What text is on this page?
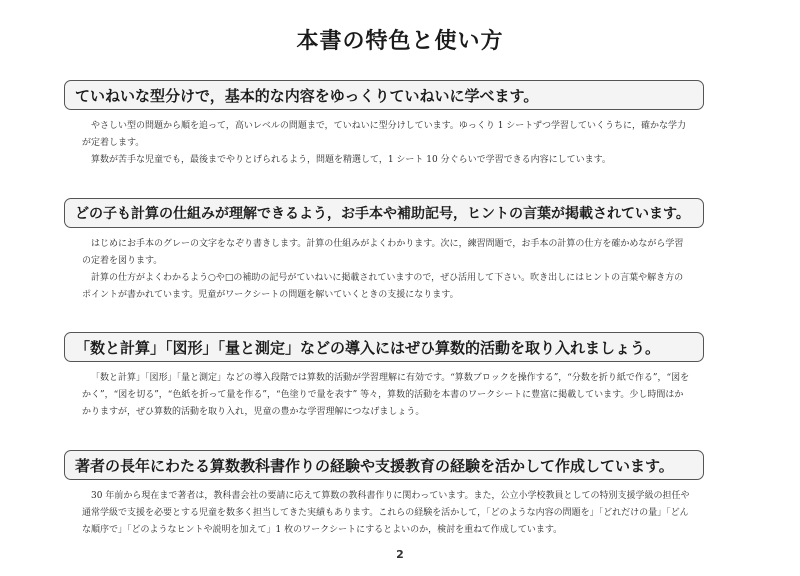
本書の特色と使い方
ていねいな型分けで，基本的な内容をゆっくりていねいに学べます。

やさしい型の問題から順を追って，高いレベルの問題まで，ていねいに型分けしています。ゆっくり 1 シートずつ学習していくうちに，確かな学力が定着します。

算数が苦手な児童でも，最後までやりとげられるよう，問題を精選して，1 シート 10 分ぐらいで学習できる内容にしています。

どの子も計算の仕組みが理解できるよう，お手本や補助記号，ヒントの言葉が掲載されています。

はじめにお手本のグレーの文字をなぞり書きします。計算の仕組みがよくわかります。次に，練習問題で，お手本の計算の仕方を確かめながら学習の定着を図ります。

計算の仕方がよくわかるよう○や□の補助の記号がていねいに掲載されていますので，ぜひ活用して下さい。吹き出しにはヒントの言葉や解き方のポイントが書かれています。児童がワークシートの問題を解いていくときの支援になります。

「数と計算」「図形」「量と測定」などの導入にはぜひ算数的活動を取り入れましょう。

「数と計算」「図形」「量と測定」などの導入段階では算数的活動が学習理解に有効です。“算数ブロックを操作する”，“分数を折り紙で作る”，“図をかく”，“図を切る”，“色紙を折って量を作る”，“色塗りで量を表す” 等々，算数的活動を本書のワークシートに豊富に掲載しています。少し時間はかかりますが，ぜひ算数的活動を取り入れ，児童の豊かな学習理解につなげましょう。

著者の長年にわたる算数教科書作りの経験や支援教育の経験を活かして作成しています。

30 年前から現在まで著者は，教科書会社の要請に応えて算数の教科書作りに関わっています。また，公立小学校教員としての特別支援学級の担任や通常学級で支援を必要とする児童を数多く担当してきた実績もあります。これらの経験を活かして，「どのような内容の問題を」「どれだけの量」「どんな順序で」「どのようなヒントや説明を加えて」1 枚のワークシートにするとよいのか，検討を重ねて作成しています。

2
